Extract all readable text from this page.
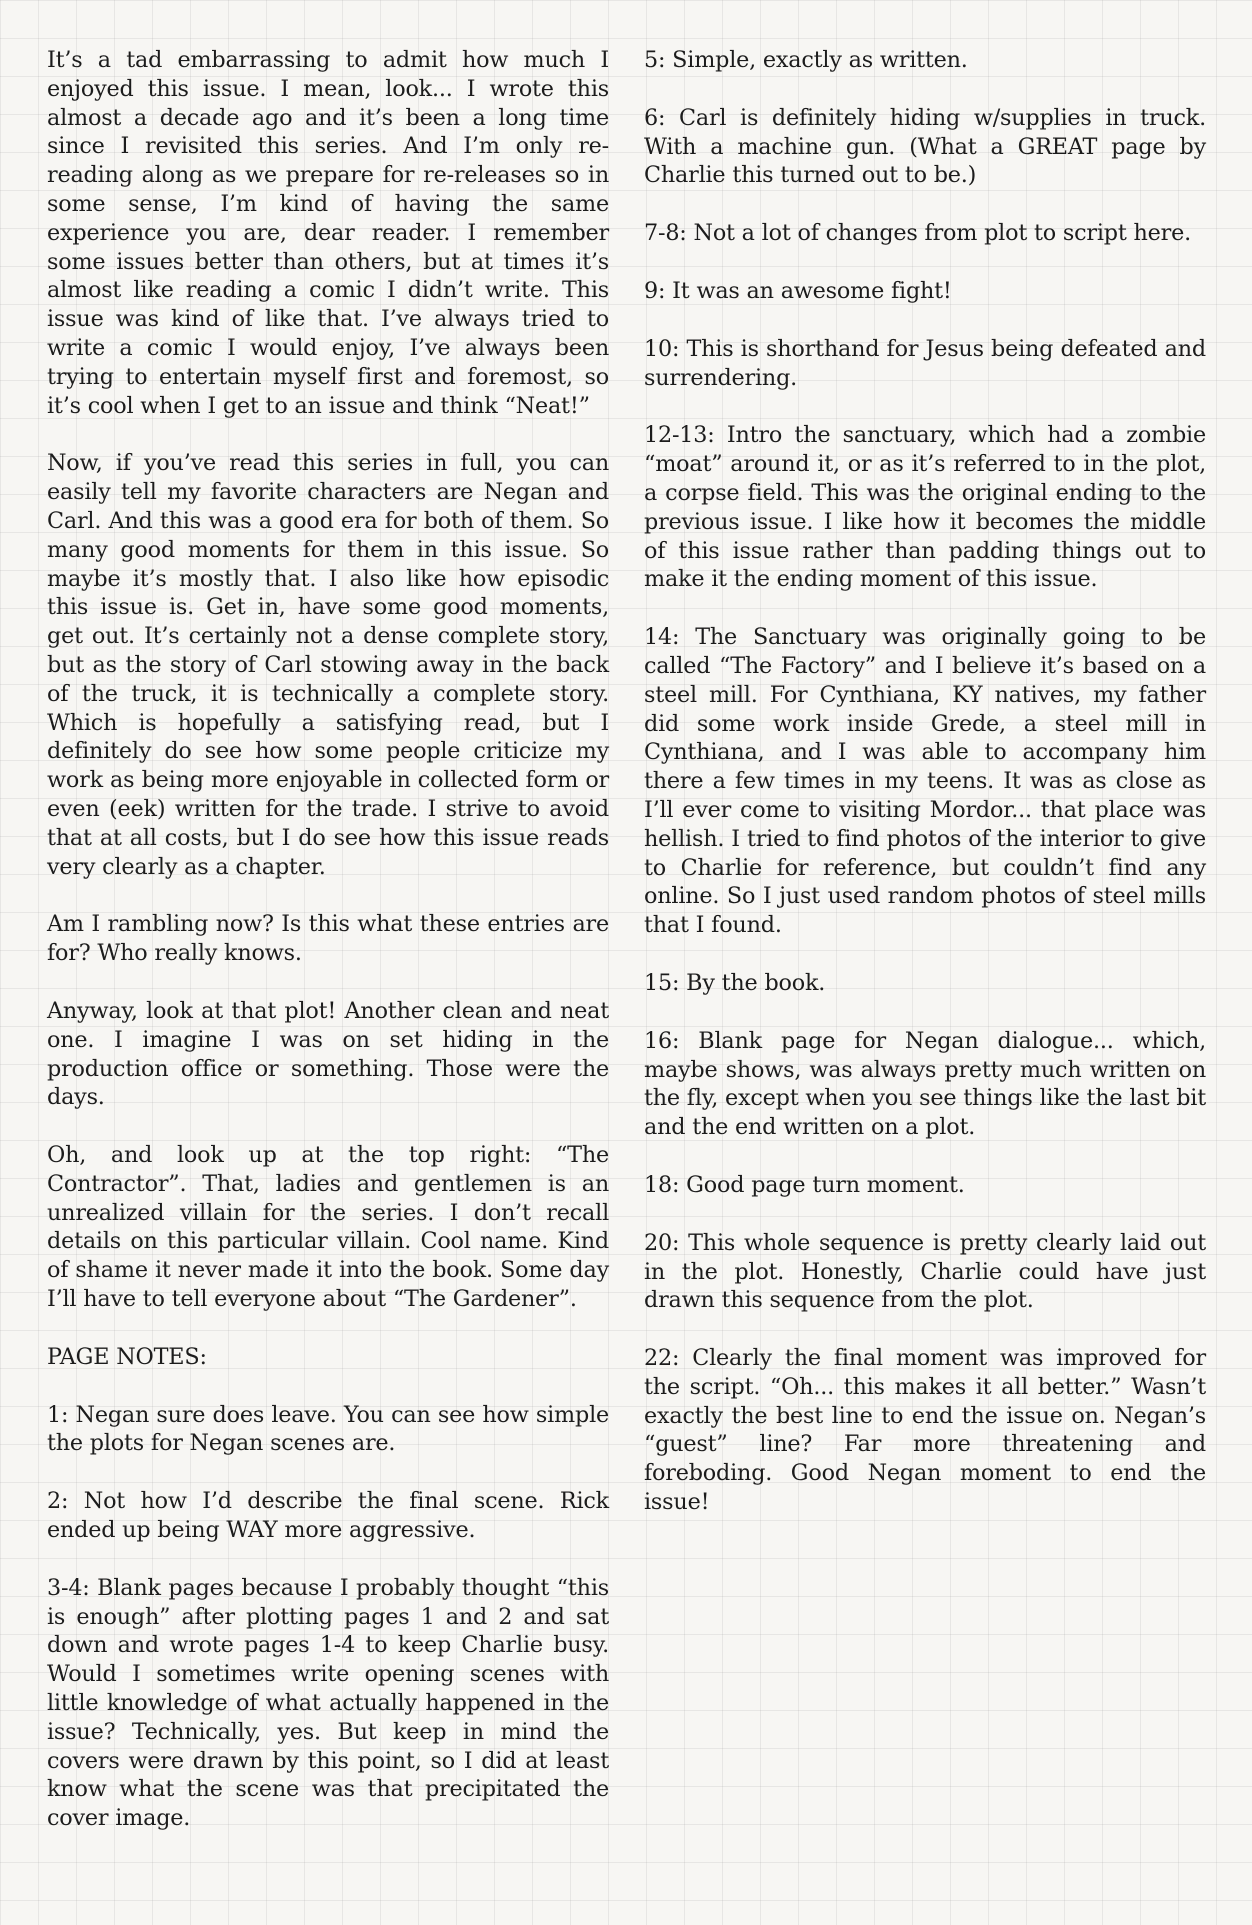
It’s a tad embarrassing to admit how much I enjoyed this issue. I mean, look... I wrote this almost a decade ago and it’s been a long time since I revisited this series. And I’m only re-reading along as we prepare for re-releases so in some sense, I’m kind of having the same experience you are, dear reader. I remember some issues better than others, but at times it’s almost like reading a comic I didn’t write. This issue was kind of like that. I’ve always tried to write a comic I would enjoy, I’ve always been trying to entertain myself first and foremost, so it’s cool when I get to an issue and think “Neat!”

Now, if you’ve read this series in full, you can easily tell my favorite characters are Negan and Carl. And this was a good era for both of them. So many good moments for them in this issue. So maybe it’s mostly that. I also like how episodic this issue is. Get in, have some good moments, get out. It’s certainly not a dense complete story, but as the story of Carl stowing away in the back of the truck, it is technically a complete story. Which is hopefully a satisfying read, but I definitely do see how some people criticize my work as being more enjoyable in collected form or even (eek) written for the trade. I strive to avoid that at all costs, but I do see how this issue reads very clearly as a chapter.

Am I rambling now? Is this what these entries are for? Who really knows.

Anyway, look at that plot! Another clean and neat one. I imagine I was on set hiding in the production office or something. Those were the days.

Oh, and look up at the top right: “The Contractor”. That, ladies and gentlemen is an unrealized villain for the series. I don’t recall details on this particular villain. Cool name. Kind of shame it never made it into the book. Some day I’ll have to tell everyone about “The Gardener”.

PAGE NOTES:

1: Negan sure does leave. You can see how simple the plots for Negan scenes are.

2: Not how I’d describe the final scene. Rick ended up being WAY more aggressive.

3-4: Blank pages because I probably thought “this is enough” after plotting pages 1 and 2 and sat down and wrote pages 1-4 to keep Charlie busy. Would I sometimes write opening scenes with little knowledge of what actually happened in the issue? Technically, yes. But keep in mind the covers were drawn by this point, so I did at least know what the scene was that precipitated the cover image.

5: Simple, exactly as written.

6: Carl is definitely hiding w/supplies in truck. With a machine gun. (What a GREAT page by Charlie this turned out to be.)

7-8: Not a lot of changes from plot to script here.

9: It was an awesome fight!

10: This is shorthand for Jesus being defeated and surrendering.

12-13: Intro the sanctuary, which had a zombie “moat” around it, or as it’s referred to in the plot, a corpse field. This was the original ending to the previous issue. I like how it becomes the middle of this issue rather than padding things out to make it the ending moment of this issue.

14: The Sanctuary was originally going to be called “The Factory” and I believe it’s based on a steel mill. For Cynthiana, KY natives, my father did some work inside Grede, a steel mill in Cynthiana, and I was able to accompany him there a few times in my teens. It was as close as I’ll ever come to visiting Mordor... that place was hellish. I tried to find photos of the interior to give to Charlie for reference, but couldn’t find any online. So I just used random photos of steel mills that I found.

15: By the book.

16: Blank page for Negan dialogue... which, maybe shows, was always pretty much written on the fly, except when you see things like the last bit and the end written on a plot.

18: Good page turn moment.

20: This whole sequence is pretty clearly laid out in the plot. Honestly, Charlie could have just drawn this sequence from the plot.

22: Clearly the final moment was improved for the script. “Oh... this makes it all better.” Wasn’t exactly the best line to end the issue on. Negan’s “guest” line? Far more threatening and foreboding. Good Negan moment to end the issue!
